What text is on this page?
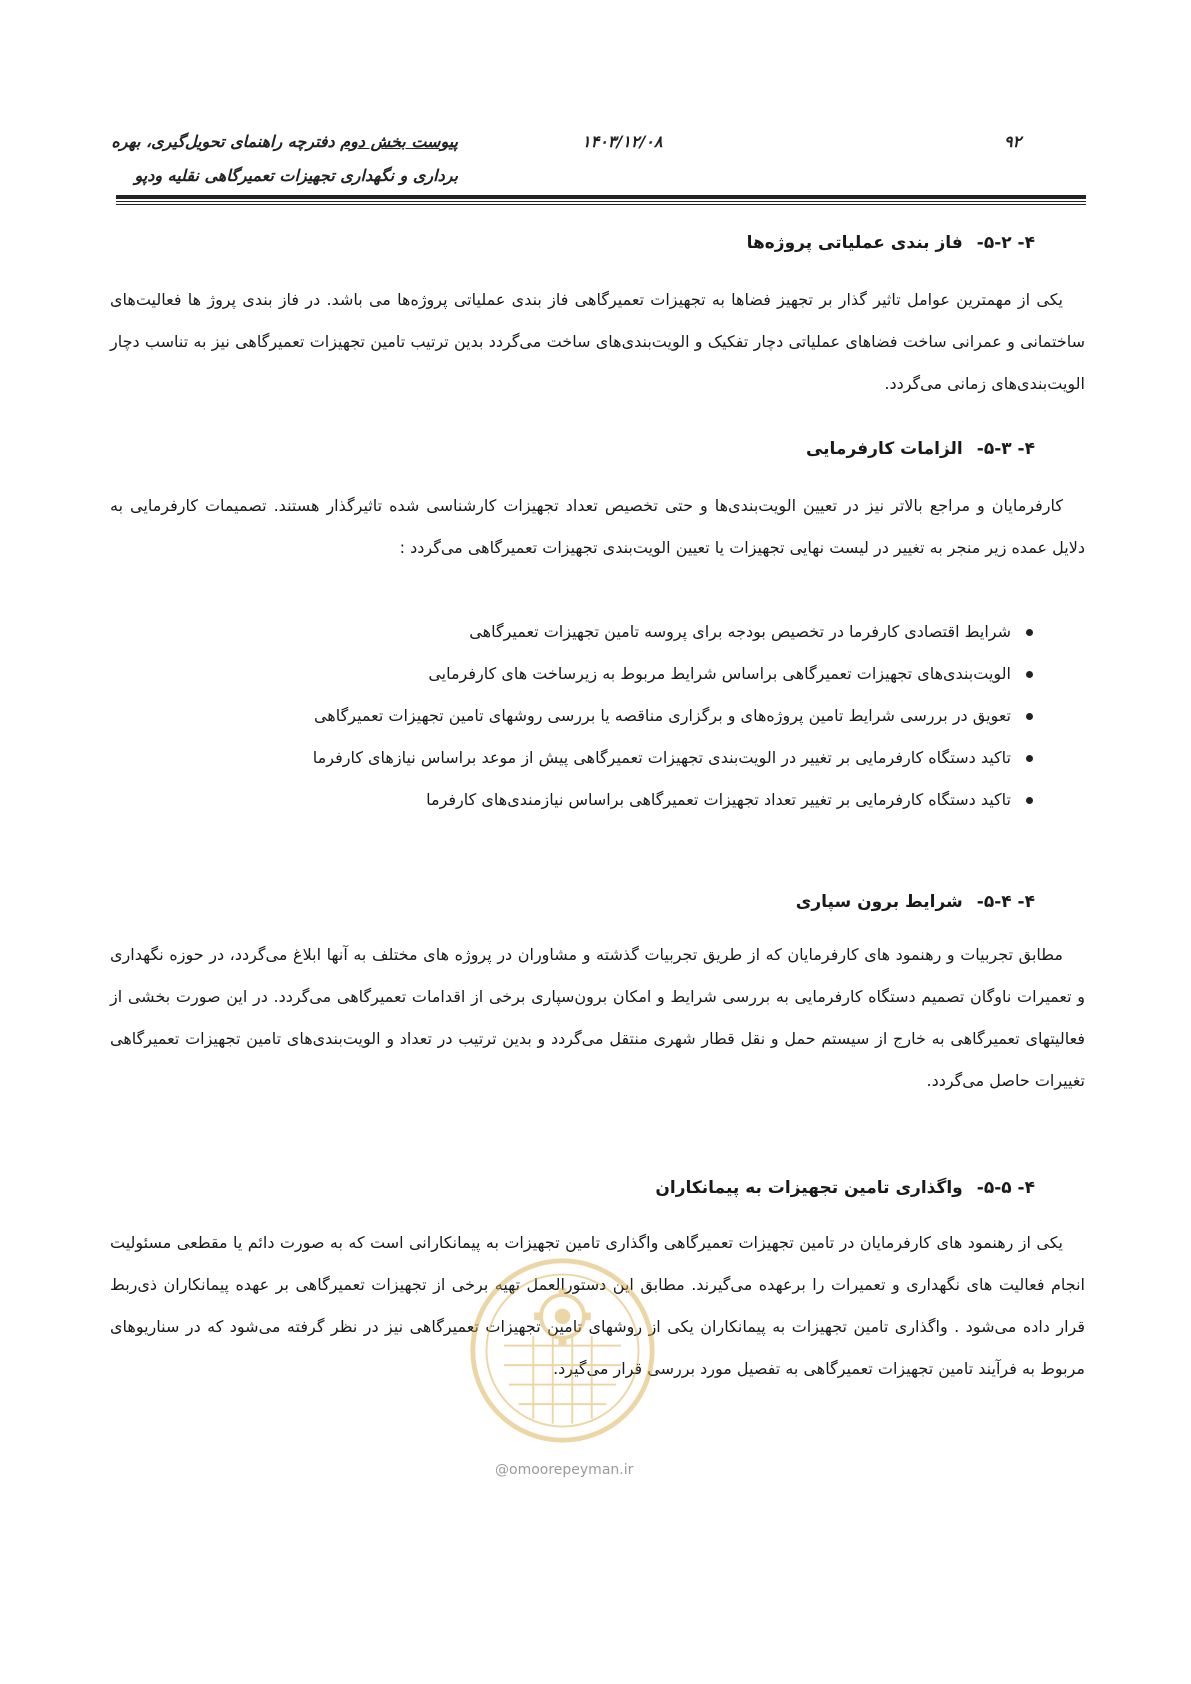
پیوست بخش دوم دفترچه راهنمای تحویل‌گیری، بهره
برداری و نگهداری تجهیزات تعمیرگاهی نقلیه ودپو
۱۴۰۳/۱۲/۰۸	۹۲
۴- ۵-۲-فاز بندی عملیاتی پروژه‌ها

یکی از مهمترین عوامل تاثیر گذار بر تجهیز فضاها به تجهیزات تعمیرگاهی فاز بندی عملیاتی پروژه‌ها می باشد. در فاز بندی پروژ ها فعالیت‌های ساختمانی و عمرانی ساخت فضاهای عملیاتی دچار تفکیک و الویت‌بندی‌های ساخت می‌گردد بدین ترتیب تامین تجهیزات تعمیرگاهی نیز به تناسب دچار الویت‌بندی‌های زمانی می‌گردد.

۴- ۵-۳-الزامات کارفرمایی

کارفرمایان و مراجع بالاتر نیز در تعیین الویت‌بندی‌ها و حتی تخصیص تعداد تجهیزات کارشناسی شده تاثیرگذار هستند. تصمیمات کارفرمایی به دلایل عمده زیر منجر به تغییر در لیست نهایی تجهیزات یا تعیین الویت‌بندی تجهیزات تعمیرگاهی می‌گردد :

شرایط اقتصادی کارفرما در تخصیص بودجه برای پروسه تامین تجهیزات تعمیرگاهی
الویت‌بندی‌های تجهیزات تعمیرگاهی براساس شرایط مربوط به زیرساخت های کارفرمایی
تعویق در بررسی شرایط تامین پروژه‌های و برگزاری مناقصه یا بررسی روشهای تامین تجهیزات تعمیرگاهی
تاکید دستگاه کارفرمایی بر تغییر در الویت‌بندی تجهیزات تعمیرگاهی پیش از موعد براساس نیازهای کارفرما
تاکید دستگاه کارفرمایی بر تغییر تعداد تجهیزات تعمیرگاهی براساس نیازمندی‌های کارفرما
۴- ۵-۴-شرایط برون سپاری

مطابق تجربیات و رهنمود های کارفرمایان که از طریق تجربیات گذشته و مشاوران در پروژه های مختلف به آنها ابلاغ می‌گردد، در حوزه نگهداری و تعمیرات ناوگان تصمیم دستگاه کارفرمایی به بررسی شرایط و امکان برون‌سپاری برخی از اقدامات تعمیرگاهی می‌گردد. در این صورت بخشی از فعالیتهای تعمیرگاهی به خارج از سیستم حمل و نقل قطار شهری منتقل می‌گردد و بدین ترتیب در تعداد و الویت‌بندی‌های تامین تجهیزات تعمیرگاهی تغییرات حاصل می‌گردد.

۴- ۵-۵-واگذاری تامین تجهیزات به پیمانکاران

یکی از رهنمود های کارفرمایان در تامین تجهیزات تعمیرگاهی واگذاری تامین تجهیزات به پیمانکارانی است که به صورت دائم یا مقطعی مسئولیت انجام فعالیت های نگهداری و تعمیرات را برعهده می‌گیرند. مطابق این دستورالعمل تهیه برخی از تجهیزات تعمیرگاهی بر عهده پیمانکاران ذی‌ربط قرار داده می‌شود . واگذاری تامین تجهیزات به پیمانکاران یکی از روشهای تامین تجهیزات تعمیرگاهی نیز در نظر گرفته می‌شود که در سناریوهای مربوط به فرآیند تامین تجهیزات تعمیرگاهی به تفصیل مورد بررسی قرار می‌گیرد.

@omoorepeyman.ir
